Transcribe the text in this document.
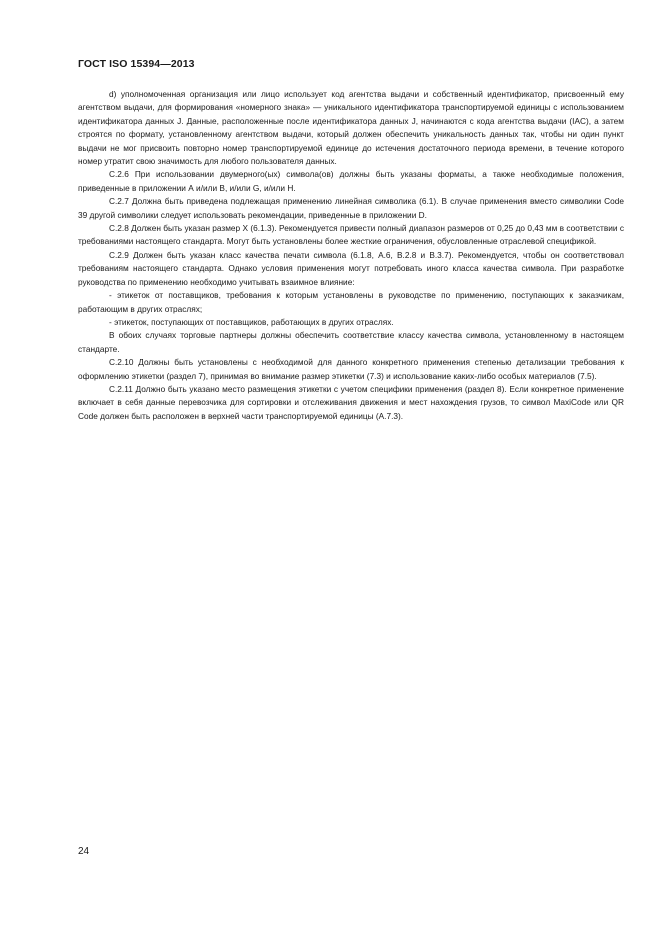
ГОСТ ISO 15394—2013

d) уполномоченная организация или лицо использует код агентства выдачи и собственный идентификатор, присвоенный ему агентством выдачи, для формирования «номерного знака» — уникального идентификатора транспортируемой единицы с использованием идентификатора данных J. Данные, расположенные после идентификатора данных J, начинаются с кода агентства выдачи (IAC), а затем строятся по формату, установленному агентством выдачи, который должен обеспечить уникальность данных так, чтобы ни один пункт выдачи не мог присвоить повторно номер транспортируемой единице до истечения достаточного периода времени, в течение которого номер утратит свою значимость для любого пользователя данных.

C.2.6 При использовании двумерного(ых) символа(ов) должны быть указаны форматы, а также необходимые положения, приведенные в приложении А и/или В, и/или G, и/или Н.

C.2.7 Должна быть приведена подлежащая применению линейная символика (6.1). В случае применения вместо символики Code 39 другой символики следует использовать рекомендации, приведенные в приложении D.

C.2.8 Должен быть указан размер X (6.1.3). Рекомендуется привести полный диапазон размеров от 0,25 до 0,43 мм в соответствии с требованиями настоящего стандарта. Могут быть установлены более жесткие ограничения, обусловленные отраслевой спецификой.

C.2.9 Должен быть указан класс качества печати символа (6.1.8, А.6, В.2.8 и В.3.7). Рекомендуется, чтобы он соответствовал требованиям настоящего стандарта. Однако условия применения могут потребовать иного класса качества символа. При разработке руководства по применению необходимо учитывать взаимное влияние:

- этикеток от поставщиков, требования к которым установлены в руководстве по применению, поступающих к заказчикам, работающим в других отраслях;

- этикеток, поступающих от поставщиков, работающих в других отраслях.

В обоих случаях торговые партнеры должны обеспечить соответствие классу качества символа, установленному в настоящем стандарте.

C.2.10 Должны быть установлены с необходимой для данного конкретного применения степенью детализации требования к оформлению этикетки (раздел 7), принимая во внимание размер этикетки (7.3) и использование каких-либо особых материалов (7.5).

C.2.11 Должно быть указано место размещения этикетки с учетом специфики применения (раздел 8). Если конкретное применение включает в себя данные перевозчика для сортировки и отслеживания движения и мест нахождения грузов, то символ MaxiCode или QR Code должен быть расположен в верхней части транспортируемой единицы (А.7.3).

24
